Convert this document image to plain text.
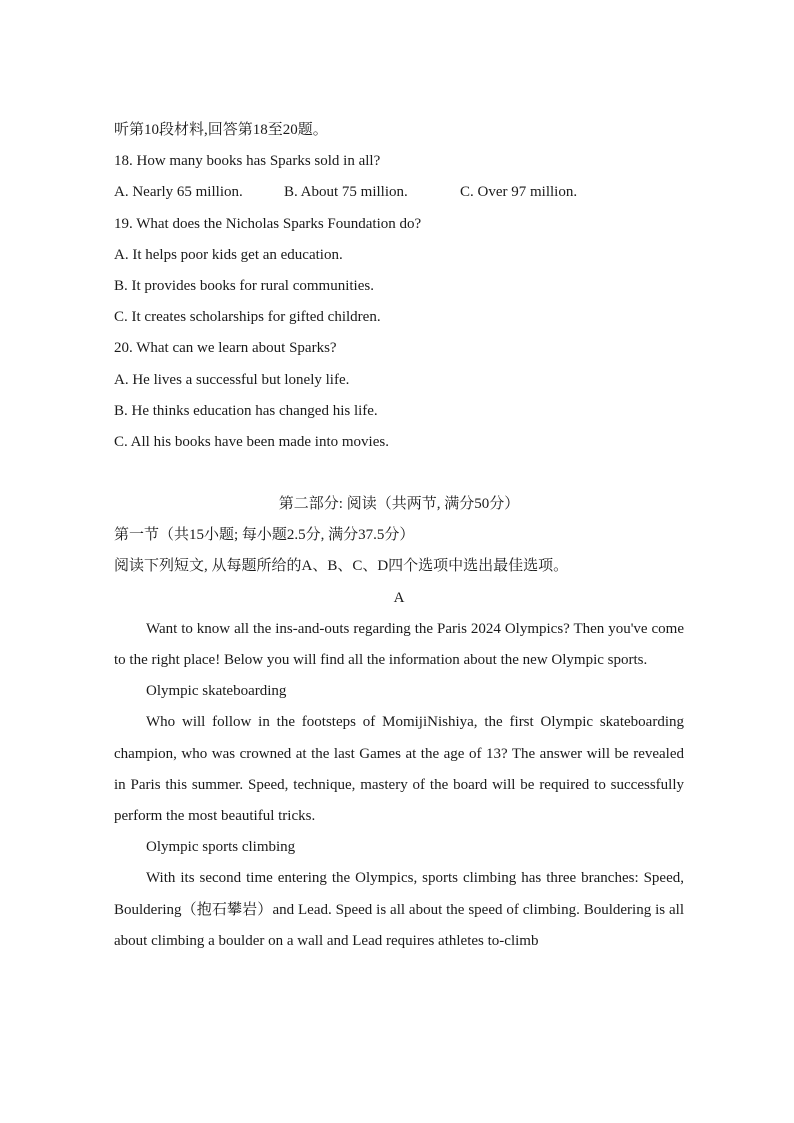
听第10段材料,回答第18至20题。
18. How many books has Sparks sold in all?
A. Nearly 65 million.	B. About 75 million.	C. Over 97 million.
19. What does the Nicholas Sparks Foundation do?
A. It helps poor kids get an education.
B. It provides books for rural communities.
C. It creates scholarships for gifted children.
20. What can we learn about Sparks?
A. He lives a successful but lonely life.
B. He thinks education has changed his life.
C. All his books have been made into movies.
第二部分: 阅读（共两节, 满分50分）
第一节（共15小题; 每小题2.5分, 满分37.5分）
阅读下列短文, 从每题所给的A、B、C、D四个选项中选出最佳选项。
A
Want to know all the ins-and-outs regarding the Paris 2024 Olympics? Then you've come to the right place! Below you will find all the information about the new Olympic sports.
Olympic skateboarding
Who will follow in the footsteps of MomijiNishiya, the first Olympic skateboarding champion, who was crowned at the last Games at the age of 13? The answer will be revealed in Paris this summer. Speed, technique, mastery of the board will be required to successfully perform the most beautiful tricks.
Olympic sports climbing
With its second time entering the Olympics, sports climbing has three branches: Speed, Bouldering（抱石攀岩）and Lead. Speed is all about the speed of climbing. Bouldering is all about climbing a boulder on a wall and Lead requires athletes to-climb
